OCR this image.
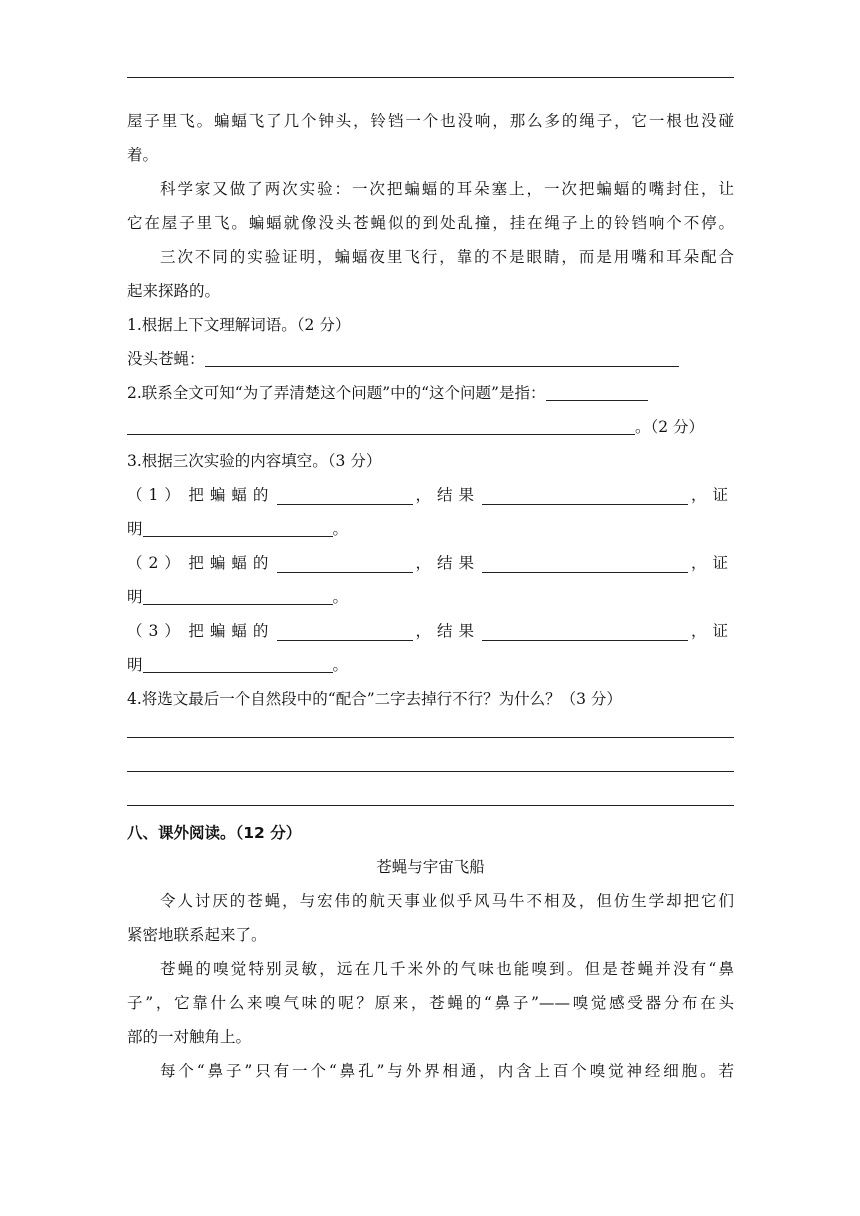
屋子里飞。蝙蝠飞了几个钟头，铃铛一个也没响，那么多的绳子，它一根也没碰
着。
科学家又做了两次实验：一次把蝙蝠的耳朵塞上，一次把蝙蝠的嘴封住，让
它在屋子里飞。蝙蝠就像没头苍蝇似的到处乱撞，挂在绳子上的铃铛响个不停。
三次不同的实验证明，蝙蝠夜里飞行，靠的不是眼睛，而是用嘴和耳朵配合
起来探路的。
1.根据上下文理解词语。（2 分）
没头苍蝇：
2.联系全文可知“为了弄清楚这个问题”中的“这个问题”是指：
。（2 分）
3.根据三次实验的内容填空。（3 分）
（1） 把蝙蝠的	，结果	，证
明	。
（2） 把蝙蝠的	，结果	，证
明	。
（3） 把蝙蝠的	，结果	，证
明	。
4.将选文最后一个自然段中的“配合”二字去掉行不行？为什么？（3 分）
八、课外阅读。（12 分）
苍蝇与宇宙飞船
令人讨厌的苍蝇，与宏伟的航天事业似乎风马牛不相及，但仿生学却把它们
紧密地联系起来了。
苍蝇的嗅觉特别灵敏，远在几千米外的气味也能嗅到。但是苍蝇并没有“鼻
子”，它靠什么来嗅气味的呢？原来，苍蝇的“鼻子”——嗅觉感受器分布在头
部的一对触角上。
每个“鼻子”只有一个“鼻孔”与外界相通，内含上百个嗅觉神经细胞。若
